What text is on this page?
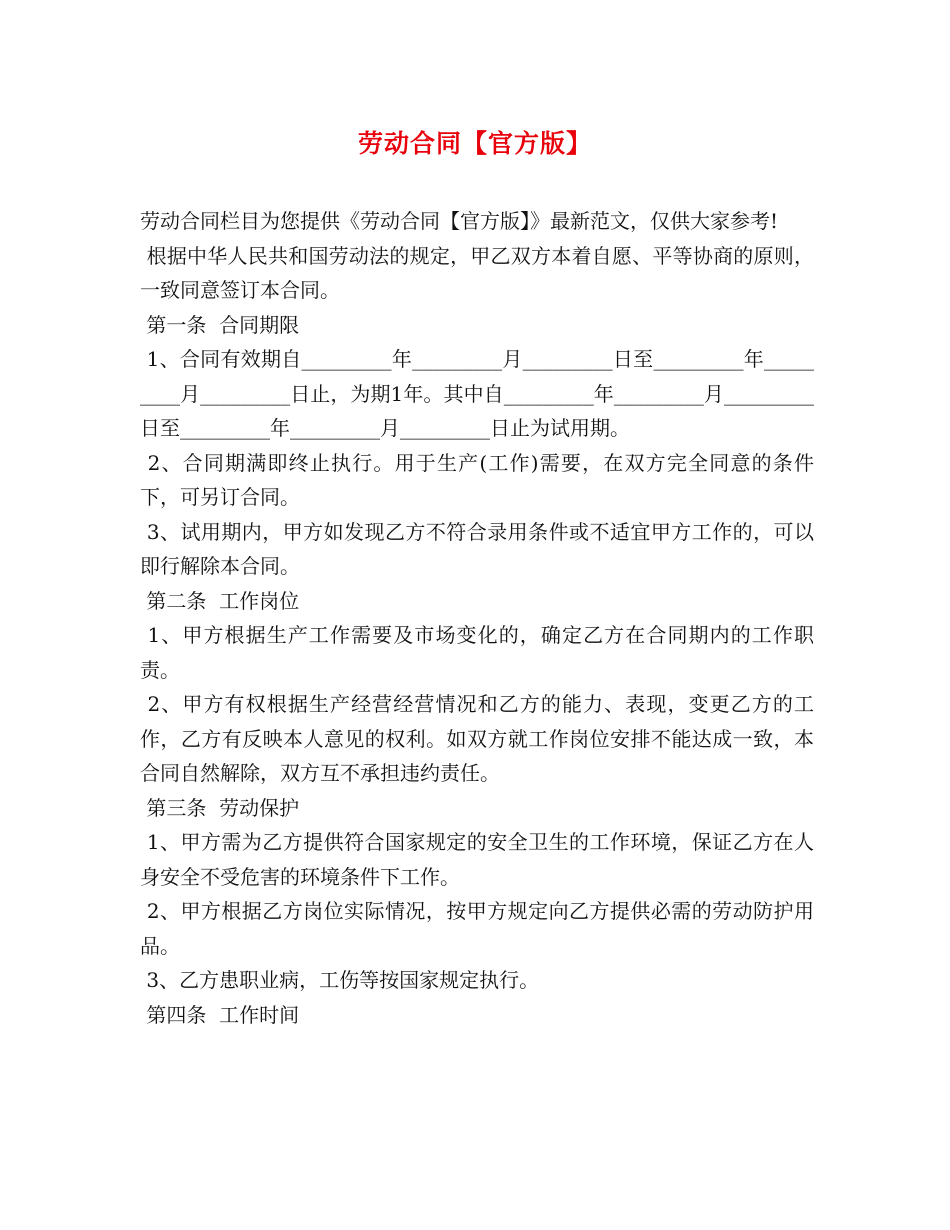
劳动合同【官方版】

劳动合同栏目为您提供《劳动合同【官方版】》最新范文，仅供大家参考!

根据中华人民共和国劳动法的规定，甲乙双方本着自愿、平等协商的原则，一致同意签订本合同。

第一条  合同期限

1、合同有效期自_________年_________月_________日至_________年_________月_________日止，为期1年。其中自_________年_________月_________日至_________年_________月_________日止为试用期。

2、合同期满即终止执行。用于生产(工作)需要，在双方完全同意的条件下，可另订合同。

3、试用期内，甲方如发现乙方不符合录用条件或不适宜甲方工作的，可以即行解除本合同。

第二条  工作岗位

1、甲方根据生产工作需要及市场变化的，确定乙方在合同期内的工作职责。

2、甲方有权根据生产经营经营情况和乙方的能力、表现，变更乙方的工作，乙方有反映本人意见的权利。如双方就工作岗位安排不能达成一致，本合同自然解除，双方互不承担违约责任。

第三条  劳动保护

1、甲方需为乙方提供符合国家规定的安全卫生的工作环境，保证乙方在人身安全不受危害的环境条件下工作。

2、甲方根据乙方岗位实际情况，按甲方规定向乙方提供必需的劳动防护用品。

3、乙方患职业病，工伤等按国家规定执行。

第四条  工作时间
